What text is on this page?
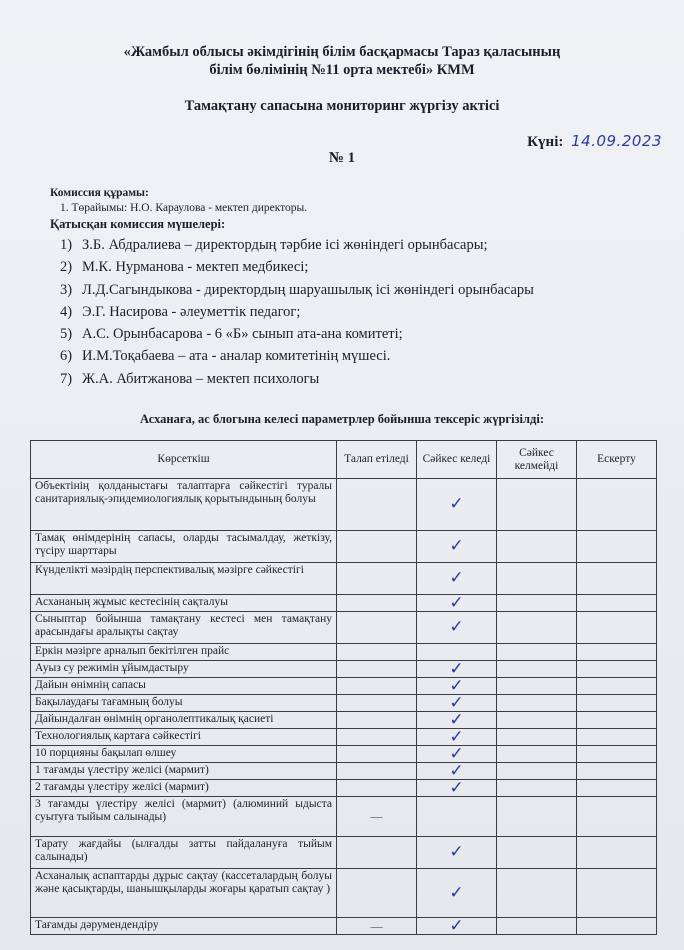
«Жамбыл облысы әкімдігінің білім басқармасы Тараз қаласының
білім бөлімінің №11 орта мектебі» КММ
Тамақтану сапасына мониторинг жүргізу актісі
Күні: 14.09.2023
№ 1
Комиссия құрамы:
1. Төрайымы: Н.О. Караулова - мектеп директоры.
Қатысқан комиссия мүшелері:
1) З.Б. Абдралиева – директордың тәрбие ісі жөніндегі орынбасары;
2) М.К. Нурманова - мектеп медбикесі;
3) Л.Д.Сагындыкова - директордың шаруашылық ісі жөніндегі орынбасары
4) Э.Г. Насирова - әлеуметтік педагог;
5) А.С. Орынбасарова - 6 «Б» сынып ата-ана комитеті;
6) И.М.Тоқабаева – ата - аналар комитетінің мүшесі.
7) Ж.А. Абитжанова – мектеп психологы
Асханаға, ас блогына келесі параметрлер бойынша тексеріс жүргізілді:
Көрсеткіш	Талап етіледі	Сәйкес келеді	Сәйкес келмейді	Ескерту
Объектінің қолданыстағы талаптарға сәйкестігі туралы санитариялық-эпидемиологиялық қорытындының болуы		✓		
Тамақ өнімдерінің сапасы, оларды тасымалдау, жеткізу, түсіру шарттары		✓		
Күнделікті мәзірдің перспективалық мәзірге сәйкестігі		✓		
Асхананың жұмыс кестесінің сақталуы		✓		
Сыныптар бойынша тамақтану кестесі мен тамақтану арасындағы аралықты сақтау		✓		
Еркін мәзірге арналып бекітілген прайс				
Ауыз су режимін ұйымдастыру		✓		
Дайын өнімнің сапасы		✓		
Бақылаудағы тағамның болуы		✓		
Дайындалған өнімнің органолептикалық қасиеті		✓		
Технологиялық картаға сәйкестігі		✓		
10 порцияны бақылап өлшеу		✓		
1 тағамды үлестіру желісі (мармит)		✓		
2 тағамды үлестіру желісі (мармит)		✓		
3 тағамды үлестіру желісі (мармит) (алюминий ыдыста суытуға тыйым салынады)	—			
Тарату жағдайы (ылғалды затты пайдалануға тыйым салынады)		✓		
Асханалық аспаптарды дұрыс сақтау (кассеталардың болуы және қасықтарды, шанышқыларды жоғары қаратып сақтау )		✓		
Тағамды дәрумендендіру	—	✓		
